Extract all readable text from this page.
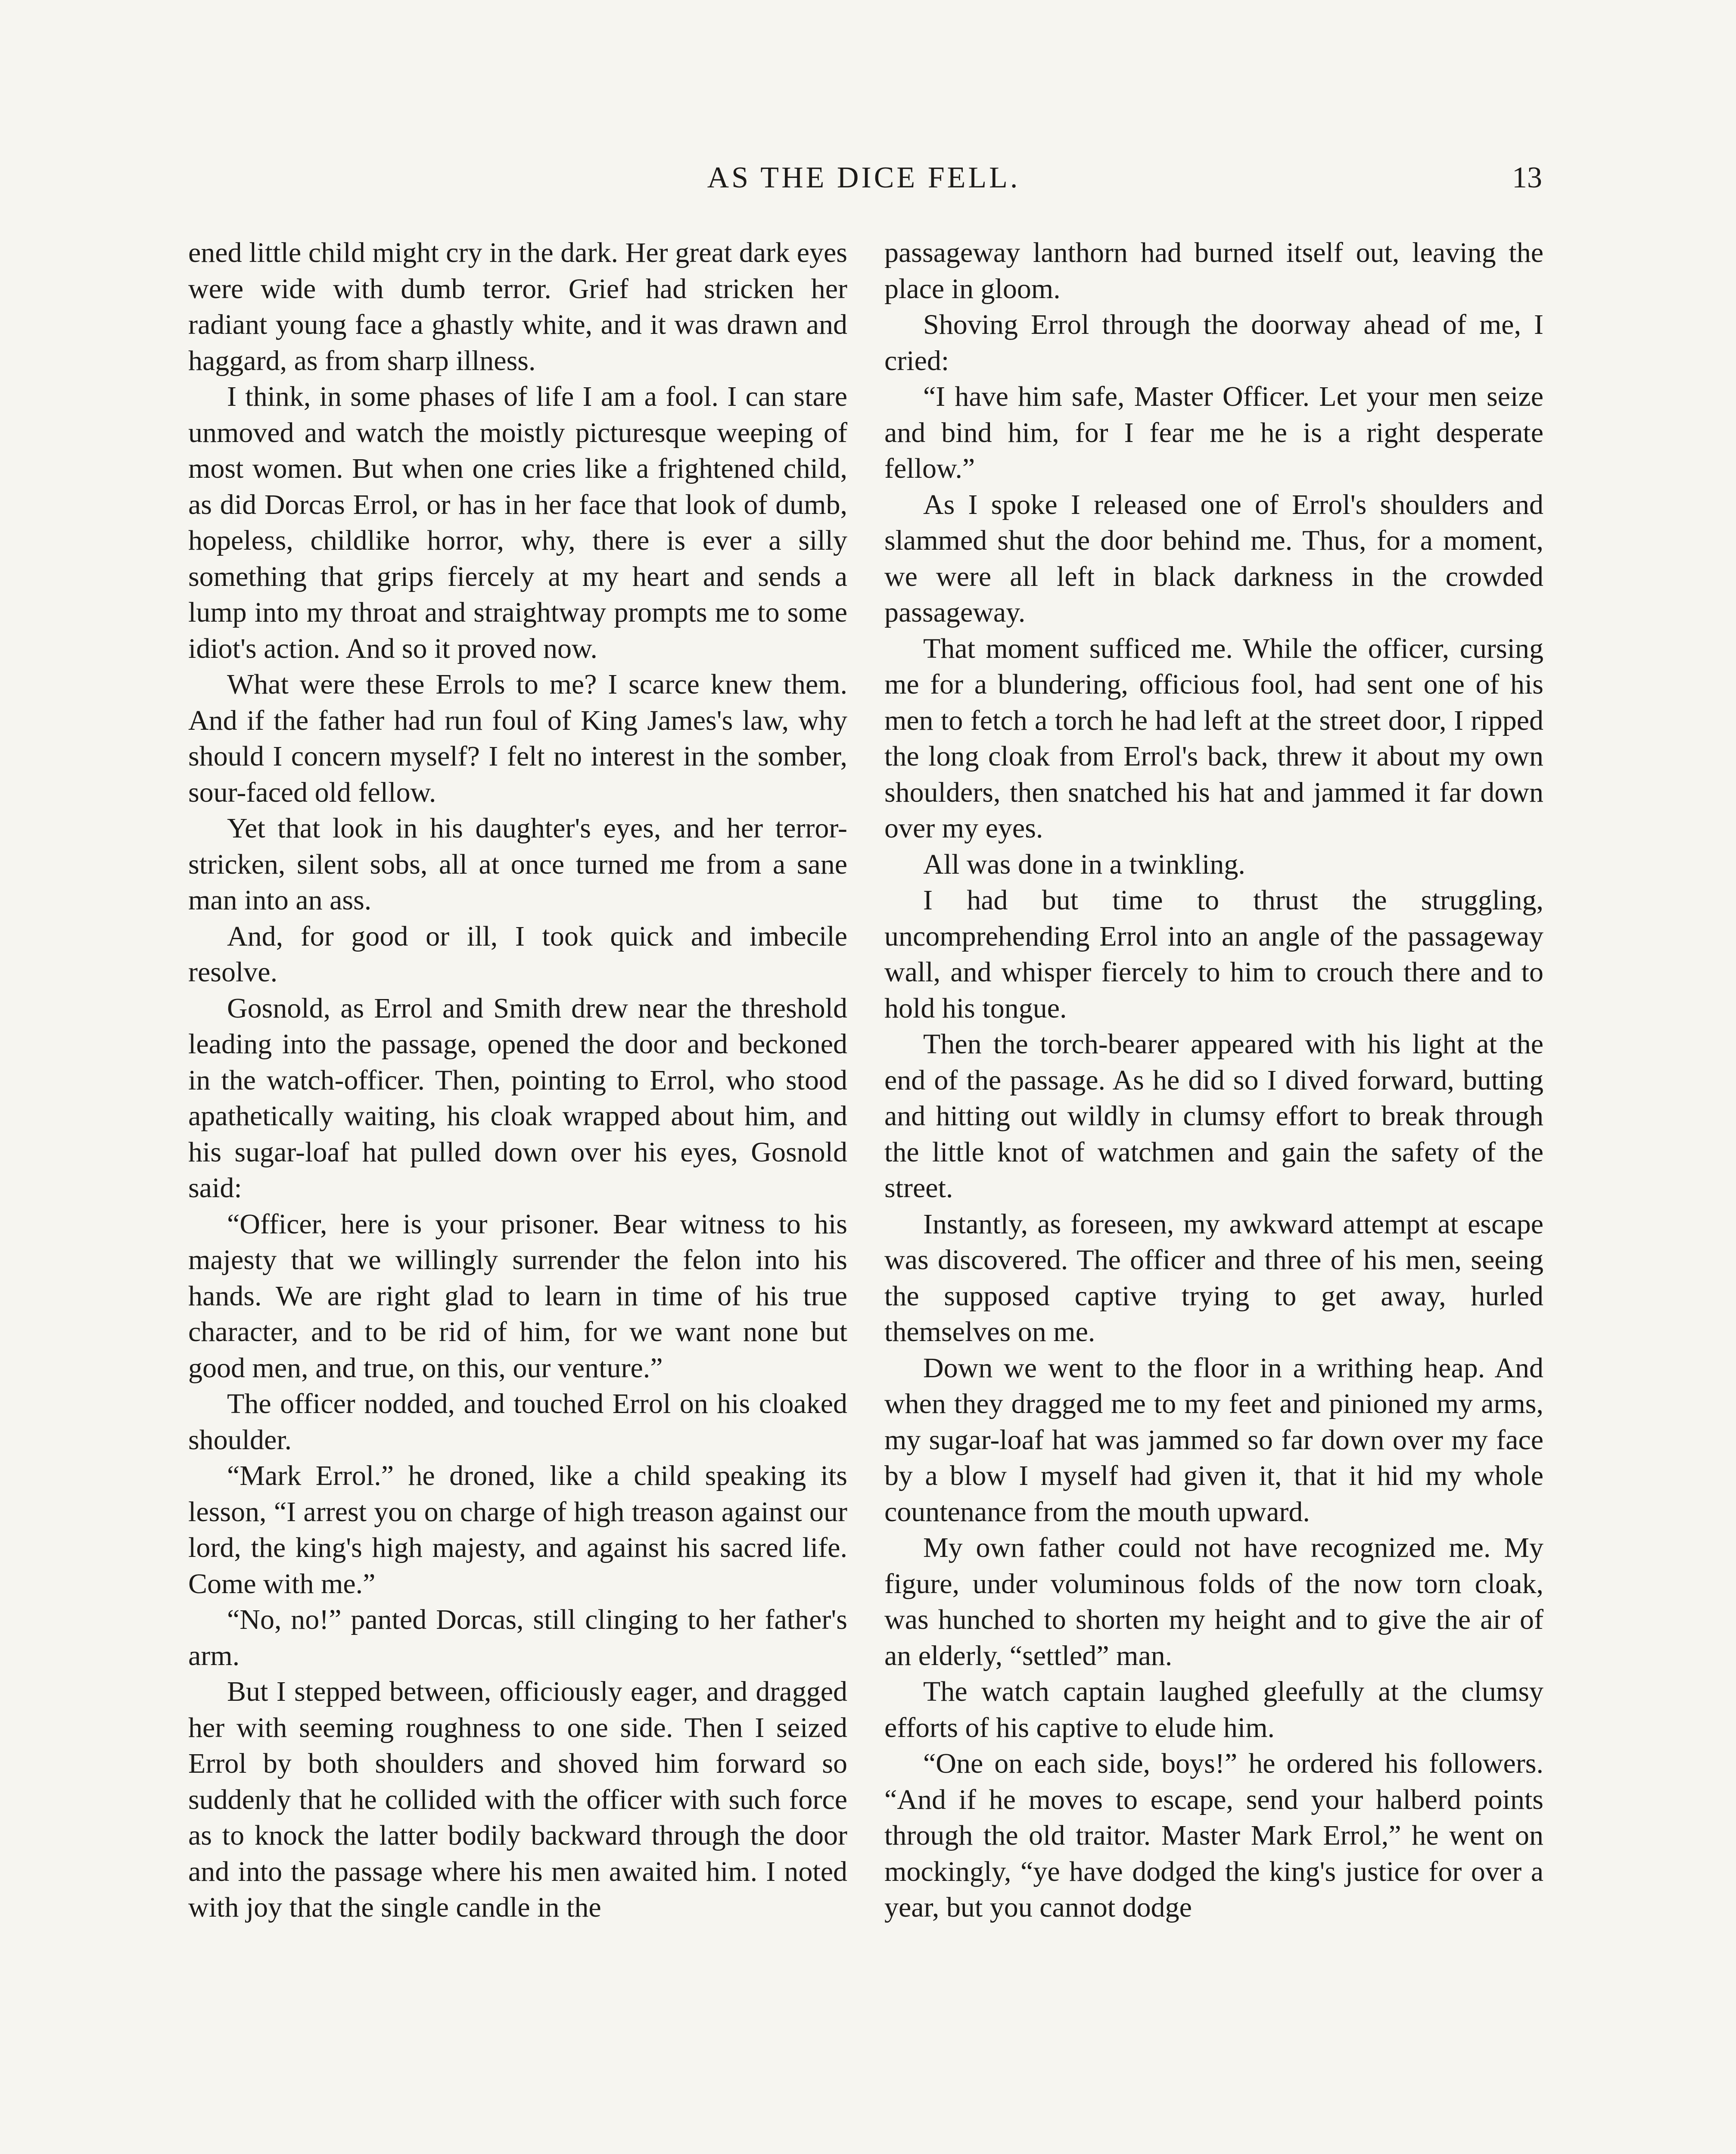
AS THE DICE FELL.	13

ened little child might cry in the dark. Her great dark eyes were wide with dumb terror. Grief had stricken her radiant young face a ghastly white, and it was drawn and haggard, as from sharp illness.

I think, in some phases of life I am a fool. I can stare unmoved and watch the moistly picturesque weeping of most women. But when one cries like a frightened child, as did Dorcas Errol, or has in her face that look of dumb, hopeless, childlike horror, why, there is ever a silly something that grips fiercely at my heart and sends a lump into my throat and straightway prompts me to some idiot's action. And so it proved now.

What were these Errols to me? I scarce knew them. And if the father had run foul of King James's law, why should I concern myself? I felt no interest in the somber, sour-faced old fellow.

Yet that look in his daughter's eyes, and her terror-stricken, silent sobs, all at once turned me from a sane man into an ass.

And, for good or ill, I took quick and imbecile resolve.

Gosnold, as Errol and Smith drew near the threshold leading into the passage, opened the door and beckoned in the watch-officer. Then, pointing to Errol, who stood apathetically waiting, his cloak wrapped about him, and his sugar-loaf hat pulled down over his eyes, Gosnold said:

“Officer, here is your prisoner. Bear witness to his majesty that we willingly surrender the felon into his hands. We are right glad to learn in time of his true character, and to be rid of him, for we want none but good men, and true, on this, our venture.”

The officer nodded, and touched Errol on his cloaked shoulder.

“Mark Errol.” he droned, like a child speaking its lesson, “I arrest you on charge of high treason against our lord, the king's high majesty, and against his sacred life. Come with me.”

“No, no!” panted Dorcas, still clinging to her father's arm.

But I stepped between, officiously eager, and dragged her with seeming roughness to one side. Then I seized Errol by both shoulders and shoved him forward so suddenly that he collided with the officer with such force as to knock the latter bodily backward through the door and into the passage where his men awaited him. I noted with joy that the single candle in the

passageway lanthorn had burned itself out, leaving the place in gloom.

Shoving Errol through the doorway ahead of me, I cried:

“I have him safe, Master Officer. Let your men seize and bind him, for I fear me he is a right desperate fellow.”

As I spoke I released one of Errol's shoulders and slammed shut the door behind me. Thus, for a moment, we were all left in black darkness in the crowded passageway.

That moment sufficed me. While the officer, cursing me for a blundering, officious fool, had sent one of his men to fetch a torch he had left at the street door, I ripped the long cloak from Errol's back, threw it about my own shoulders, then snatched his hat and jammed it far down over my eyes.

All was done in a twinkling.

I had but time to thrust the struggling, uncomprehending Errol into an angle of the passageway wall, and whisper fiercely to him to crouch there and to hold his tongue.

Then the torch-bearer appeared with his light at the end of the passage. As he did so I dived forward, butting and hitting out wildly in clumsy effort to break through the little knot of watchmen and gain the safety of the street.

Instantly, as foreseen, my awkward attempt at escape was discovered. The officer and three of his men, seeing the supposed captive trying to get away, hurled themselves on me.

Down we went to the floor in a writhing heap. And when they dragged me to my feet and pinioned my arms, my sugar-loaf hat was jammed so far down over my face by a blow I myself had given it, that it hid my whole countenance from the mouth upward.

My own father could not have recognized me. My figure, under voluminous folds of the now torn cloak, was hunched to shorten my height and to give the air of an elderly, “settled” man.

The watch captain laughed gleefully at the clumsy efforts of his captive to elude him.

“One on each side, boys!” he ordered his followers. “And if he moves to escape, send your halberd points through the old traitor. Master Mark Errol,” he went on mockingly, “ye have dodged the king's justice for over a year, but you cannot dodge
